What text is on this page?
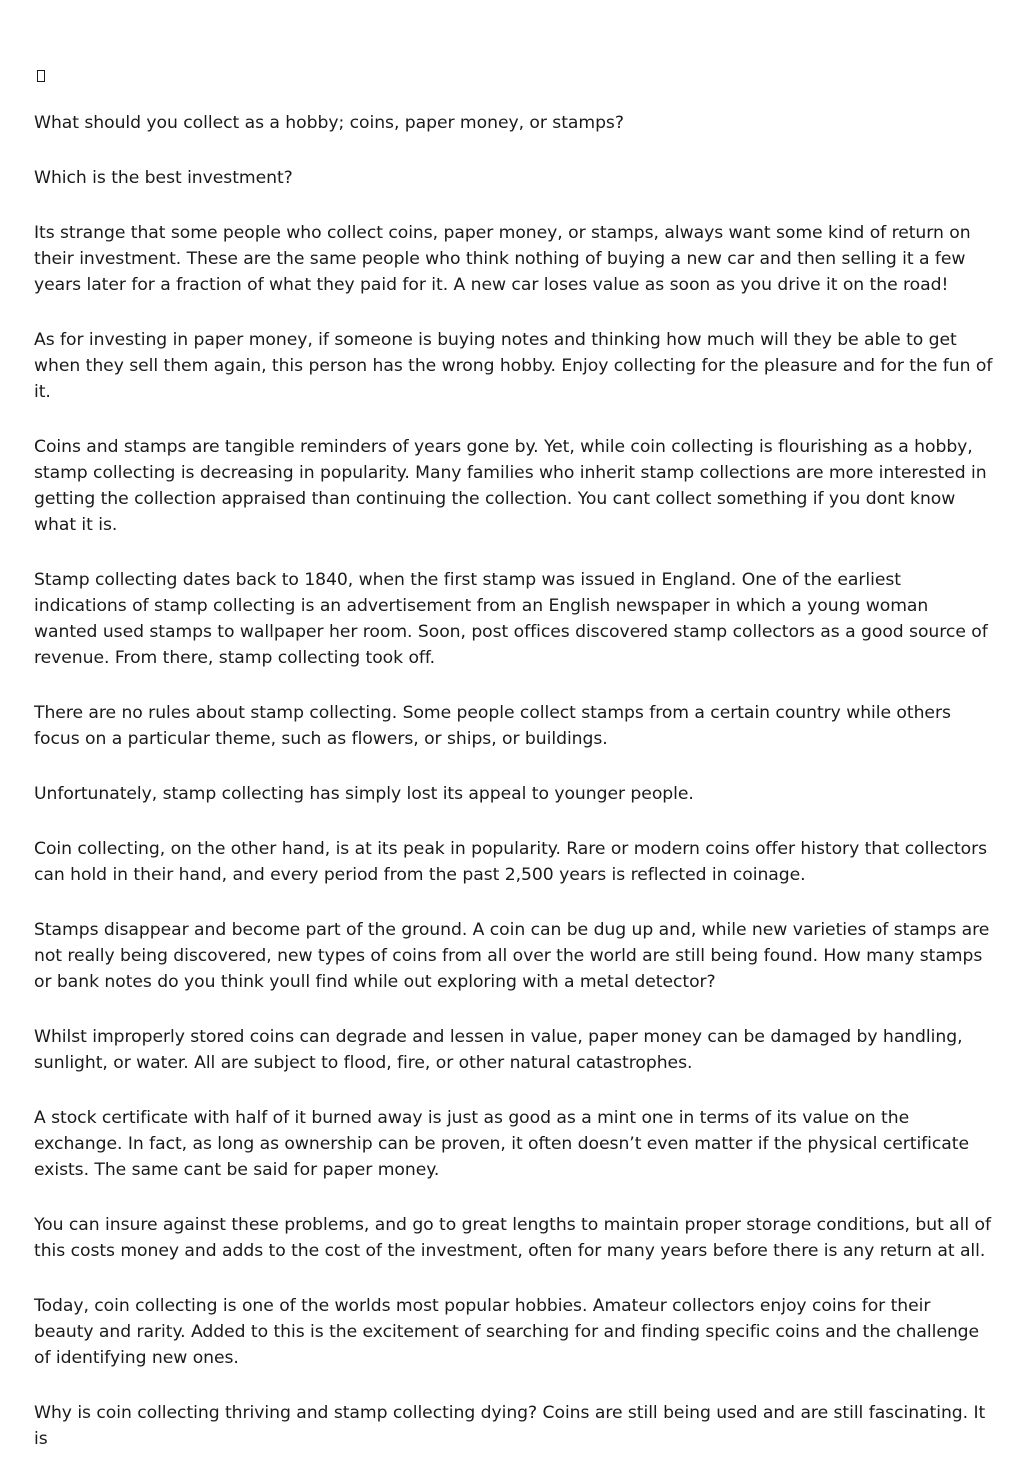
What should you collect as a hobby; coins, paper money, or stamps?

Which is the best investment?

Its strange that some people who collect coins, paper money, or stamps, always want some kind of return on their investment. These are the same people who think nothing of buying a new car and then selling it a few years later for a fraction of what they paid for it. A new car loses value as soon as you drive it on the road!

As for investing in paper money, if someone is buying notes and thinking how much will they be able to get when they sell them again, this person has the wrong hobby. Enjoy collecting for the pleasure and for the fun of it.

Coins and stamps are tangible reminders of years gone by. Yet, while coin collecting is flourishing as a hobby, stamp collecting is decreasing in popularity. Many families who inherit stamp collections are more interested in getting the collection appraised than continuing the collection. You cant collect something if you dont know what it is.

Stamp collecting dates back to 1840, when the first stamp was issued in England. One of the earliest indications of stamp collecting is an advertisement from an English newspaper in which a young woman wanted used stamps to wallpaper her room. Soon, post offices discovered stamp collectors as a good source of revenue. From there, stamp collecting took off.

There are no rules about stamp collecting. Some people collect stamps from a certain country while others focus on a particular theme, such as flowers, or ships, or buildings.

Unfortunately, stamp collecting has simply lost its appeal to younger people.

Coin collecting, on the other hand, is at its peak in popularity. Rare or modern coins offer history that collectors can hold in their hand, and every period from the past 2,500 years is reflected in coinage.

Stamps disappear and become part of the ground. A coin can be dug up and, while new varieties of stamps are not really being discovered, new types of coins from all over the world are still being found. How many stamps or bank notes do you think youll find while out exploring with a metal detector?

Whilst improperly stored coins can degrade and lessen in value, paper money can be damaged by handling, sunlight, or water. All are subject to flood, fire, or other natural catastrophes.

A stock certificate with half of it burned away is just as good as a mint one in terms of its value on the exchange. In fact, as long as ownership can be proven, it often doesn’t even matter if the physical certificate exists. The same cant be said for paper money.

You can insure against these problems, and go to great lengths to maintain proper storage conditions, but all of this costs money and adds to the cost of the investment, often for many years before there is any return at all.

Today, coin collecting is one of the worlds most popular hobbies. Amateur collectors enjoy coins for their beauty and rarity. Added to this is the excitement of searching for and finding specific coins and the challenge of identifying new ones.

Why is coin collecting thriving and stamp collecting dying? Coins are still being used and are still fascinating. It is
